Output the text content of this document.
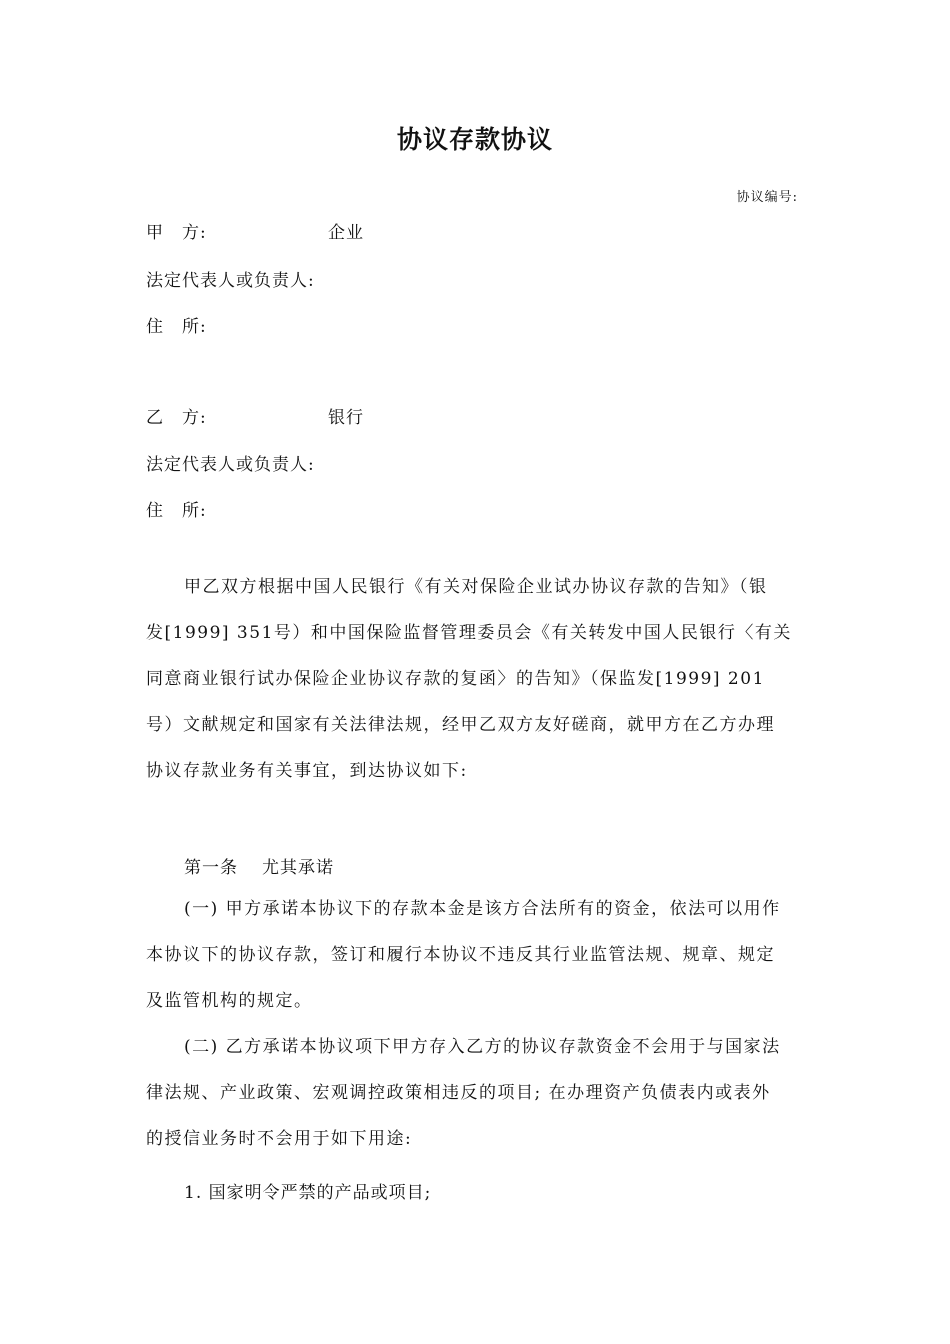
协议存款协议
协议编号:
甲 方:	企业
法定代表人或负责人:
住 所:
乙 方:	银行
法定代表人或负责人:
住 所:
甲乙双方根据中国人民银行《有关对保险企业试办协议存款的告知》（银
发[1999] 351号）和中国保险监督管理委员会《有关转发中国人民银行〈有关
同意商业银行试办保险企业协议存款的复函〉的告知》（保监发[1999] 201
号）文献规定和国家有关法律法规，经甲乙双方友好磋商，就甲方在乙方办理
协议存款业务有关事宜，到达协议如下:
第一条 尤其承诺
(一) 甲方承诺本协议下的存款本金是该方合法所有的资金，依法可以用作
本协议下的协议存款，签订和履行本协议不违反其行业监管法规、规章、规定
及监管机构的规定。
(二) 乙方承诺本协议项下甲方存入乙方的协议存款资金不会用于与国家法
律法规、产业政策、宏观调控政策相违反的项目; 在办理资产负债表内或表外
的授信业务时不会用于如下用途:
1. 国家明令严禁的产品或项目;
